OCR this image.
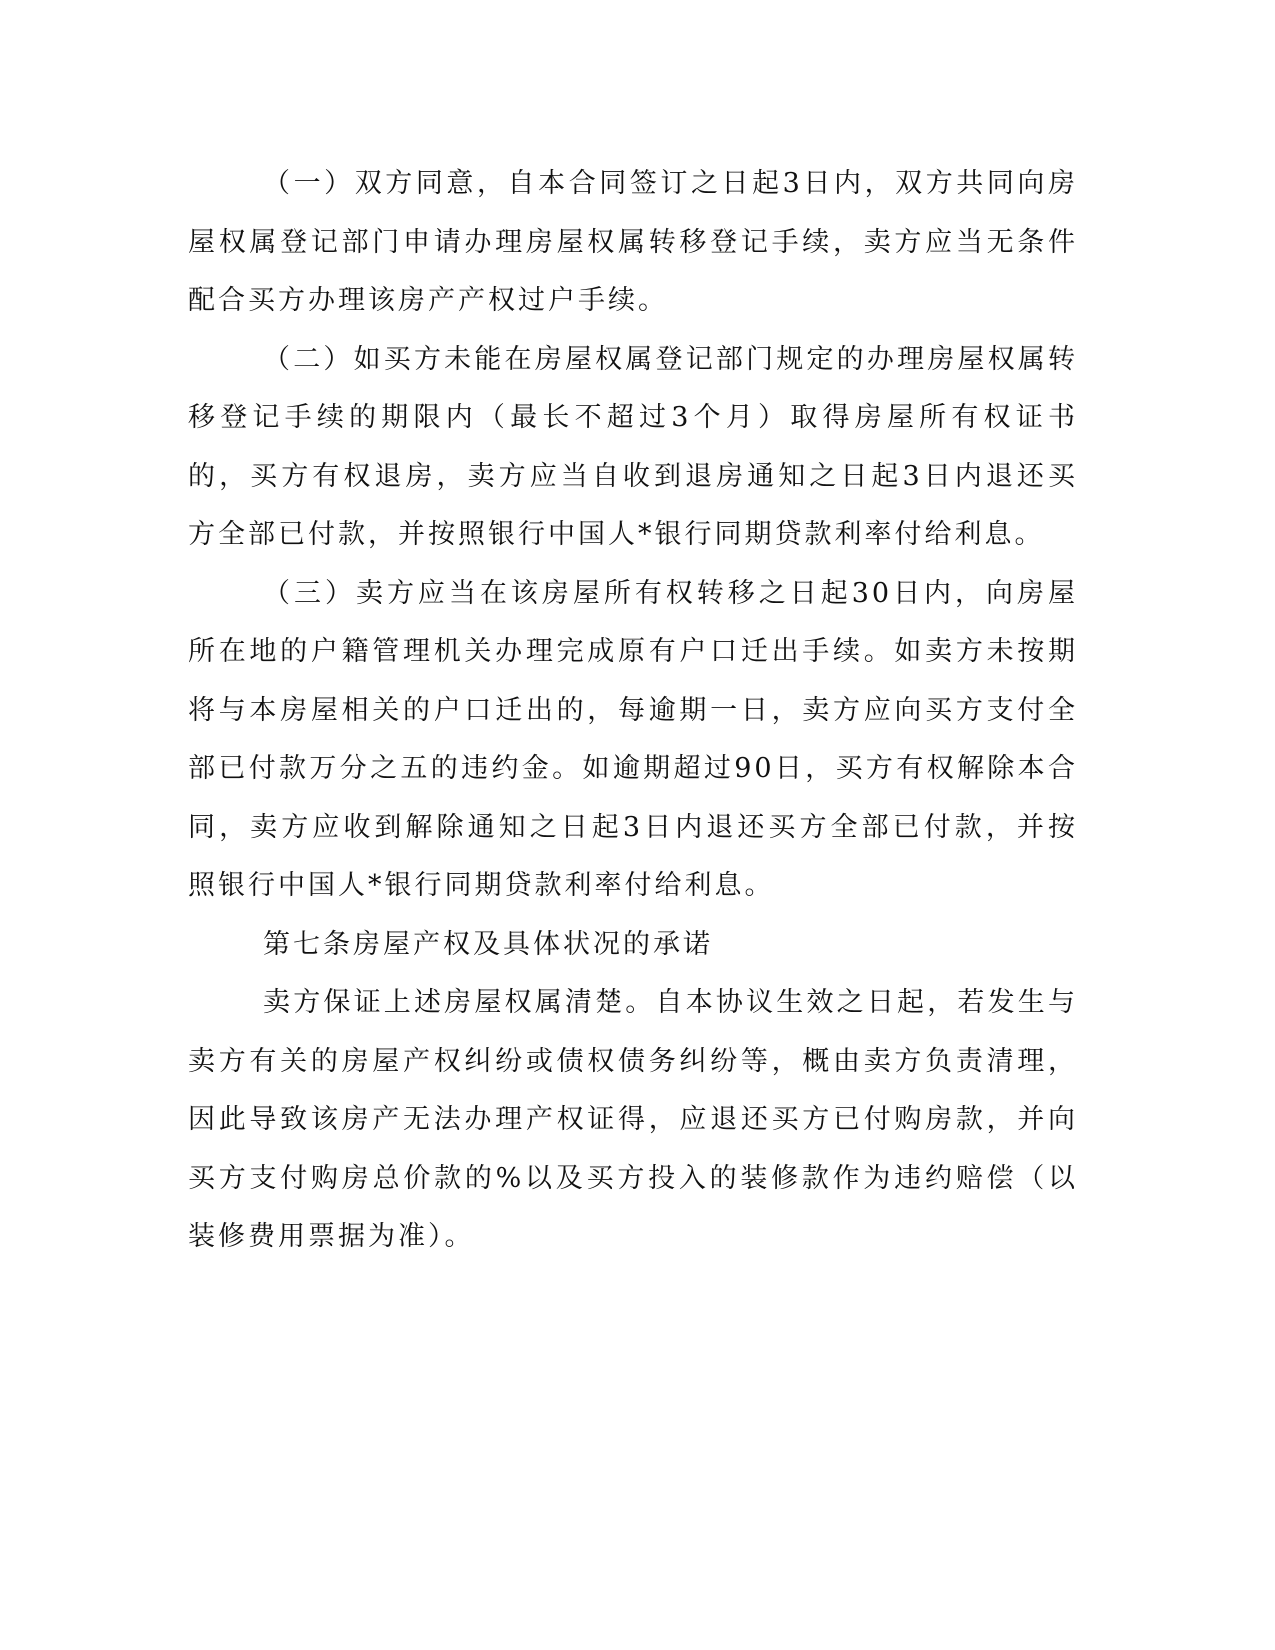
（一）双方同意，自本合同签订之日起3日内，双方共同向房屋权属登记部门申请办理房屋权属转移登记手续，卖方应当无条件配合买方办理该房产产权过户手续。

（二）如买方未能在房屋权属登记部门规定的办理房屋权属转移登记手续的期限内（最长不超过3个月）取得房屋所有权证书的，买方有权退房，卖方应当自收到退房通知之日起3日内退还买方全部已付款，并按照银行中国人*银行同期贷款利率付给利息。

（三）卖方应当在该房屋所有权转移之日起30日内，向房屋所在地的户籍管理机关办理完成原有户口迁出手续。如卖方未按期将与本房屋相关的户口迁出的，每逾期一日，卖方应向买方支付全部已付款万分之五的违约金。如逾期超过90日，买方有权解除本合同，卖方应收到解除通知之日起3日内退还买方全部已付款，并按照银行中国人*银行同期贷款利率付给利息。

第七条房屋产权及具体状况的承诺

卖方保证上述房屋权属清楚。自本协议生效之日起，若发生与卖方有关的房屋产权纠纷或债权债务纠纷等，概由卖方负责清理，因此导致该房产无法办理产权证得，应退还买方已付购房款，并向买方支付购房总价款的%以及买方投入的装修款作为违约赔偿（以装修费用票据为准）。
